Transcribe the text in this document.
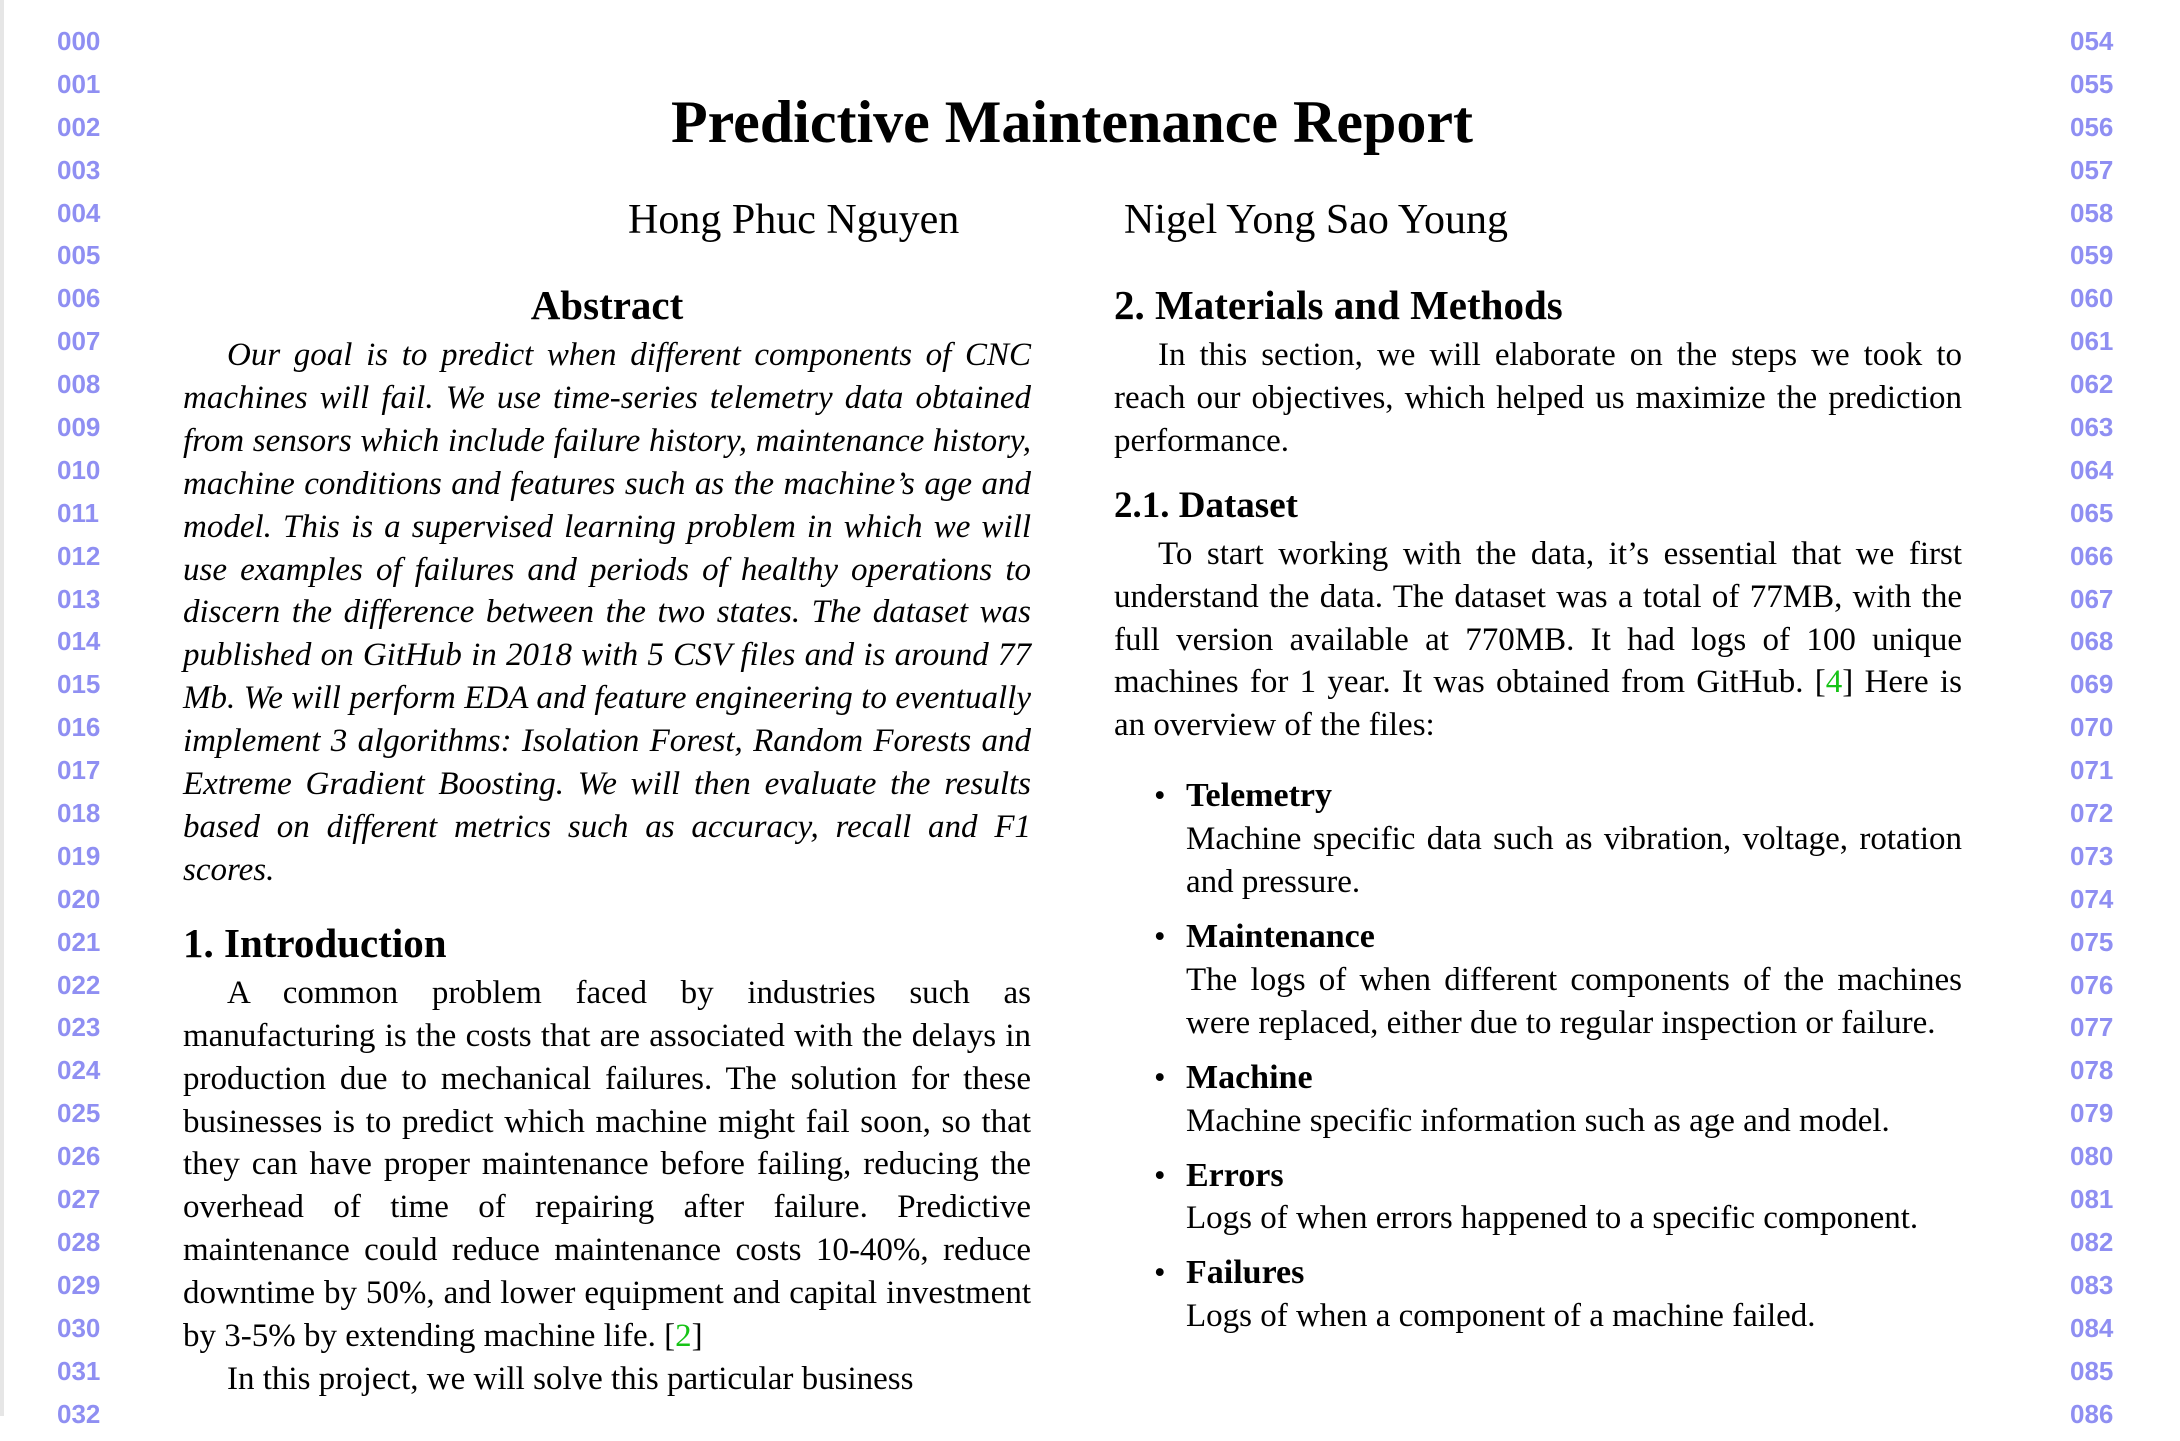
000
001
002
003
004
005
006
007
008
009
010
011
012
013
014
015
016
017
018
019
020
021
022
023
024
025
026
027
028
029
030
031
032
054
055
056
057
058
059
060
061
062
063
064
065
066
067
068
069
070
071
072
073
074
075
076
077
078
079
080
081
082
083
084
085
086
Predictive Maintenance Report
Hong Phuc Nguyen	Nigel Yong Sao Young
Abstract

Our goal is to predict when different components of CNC machines will fail. We use time-series telemetry data obtained from sensors which include failure history, maintenance history, machine conditions and features such as the machine’s age and model. This is a supervised learning problem in which we will use examples of failures and periods of healthy operations to discern the difference between the two states. The dataset was published on GitHub in 2018 with 5 CSV files and is around 77 Mb. We will perform EDA and feature engineering to eventually implement 3 algorithms: Isolation Forest, Random Forests and Extreme Gradient Boosting. We will then evaluate the results based on different metrics such as accuracy, recall and F1 scores.

1. Introduction

A common problem faced by industries such as manufacturing is the costs that are associated with the delays in production due to mechanical failures. The solution for these businesses is to predict which machine might fail soon, so that they can have proper maintenance before failing, reducing the overhead of time of repairing after failure. Predictive maintenance could reduce maintenance costs 10-40%, reduce downtime by 50%, and lower equipment and capital investment by 3-5% by extending machine life. [2]

In this project, we will solve this particular business

2. Materials and Methods

In this section, we will elaborate on the steps we took to reach our objectives, which helped us maximize the prediction performance.

2.1. Dataset

To start working with the data, it’s essential that we first understand the data. The dataset was a total of 77MB, with the full version available at 770MB. It had logs of 100 unique machines for 1 year. It was obtained from GitHub. [4] Here is an overview of the files:

• Telemetry
Machine specific data such as vibration, voltage, rotation and pressure.
• Maintenance
The logs of when different components of the machines were replaced, either due to regular inspection or failure.
• Machine
Machine specific information such as age and model.
• Errors
Logs of when errors happened to a specific component.
• Failures
Logs of when a component of a machine failed.
